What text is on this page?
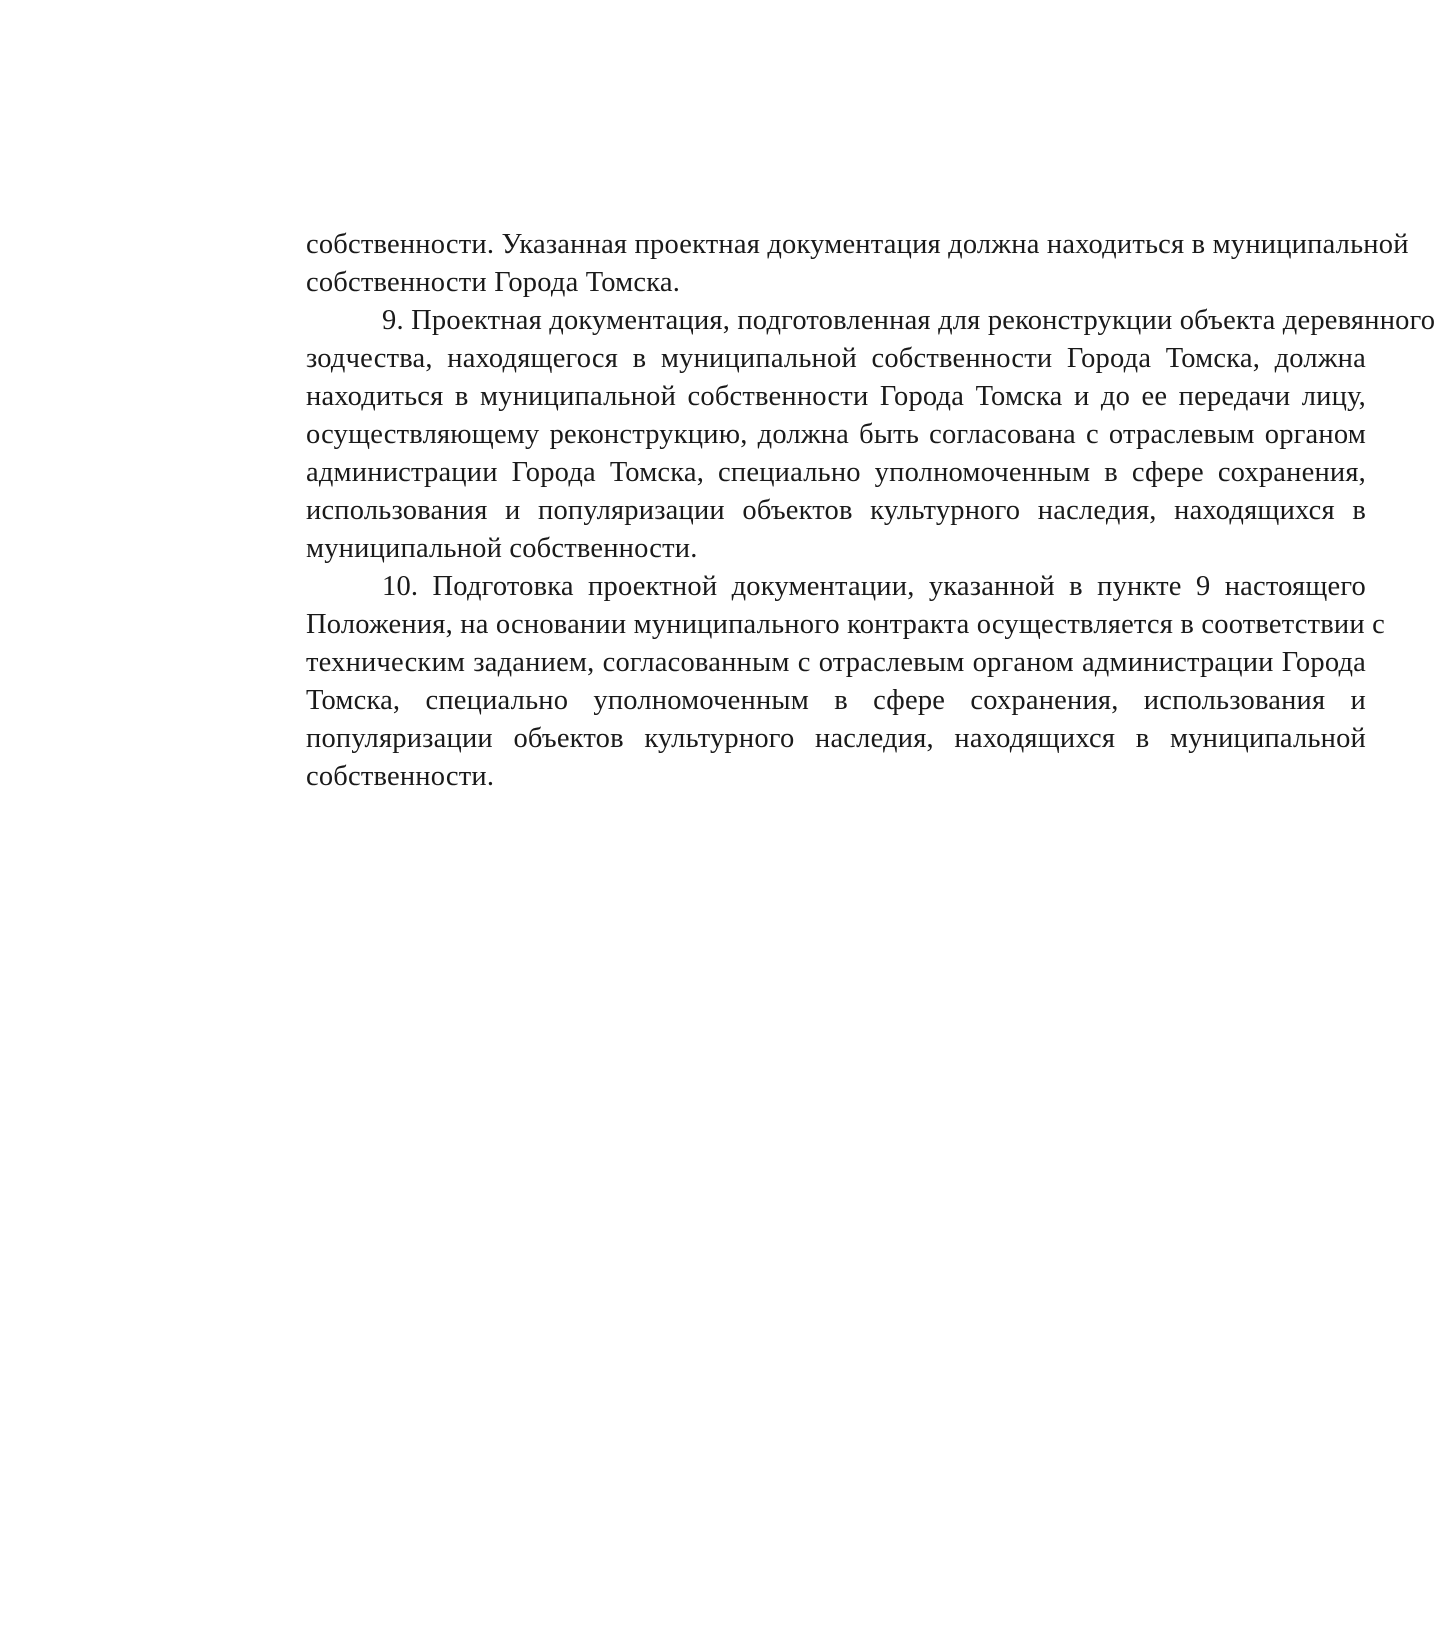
собственности. Указанная проектная документация должна находиться в муниципальной
собственности Города Томска.
9. Проектная документация, подготовленная для реконструкции объекта деревянного
зодчества, находящегося в муниципальной собственности Города Томска, должна
находиться в муниципальной собственности Города Томска и до ее передачи лицу,
осуществляющему реконструкцию, должна быть согласована с отраслевым органом
администрации Города Томска, специально уполномоченным в сфере сохранения,
использования и популяризации объектов культурного наследия, находящихся в
муниципальной собственности.
10. Подготовка проектной документации, указанной в пункте 9 настоящего
Положения, на основании муниципального контракта осуществляется в соответствии с
техническим заданием, согласованным с отраслевым органом администрации Города
Томска, специально уполномоченным в сфере сохранения, использования и
популяризации объектов культурного наследия, находящихся в муниципальной
собственности.
